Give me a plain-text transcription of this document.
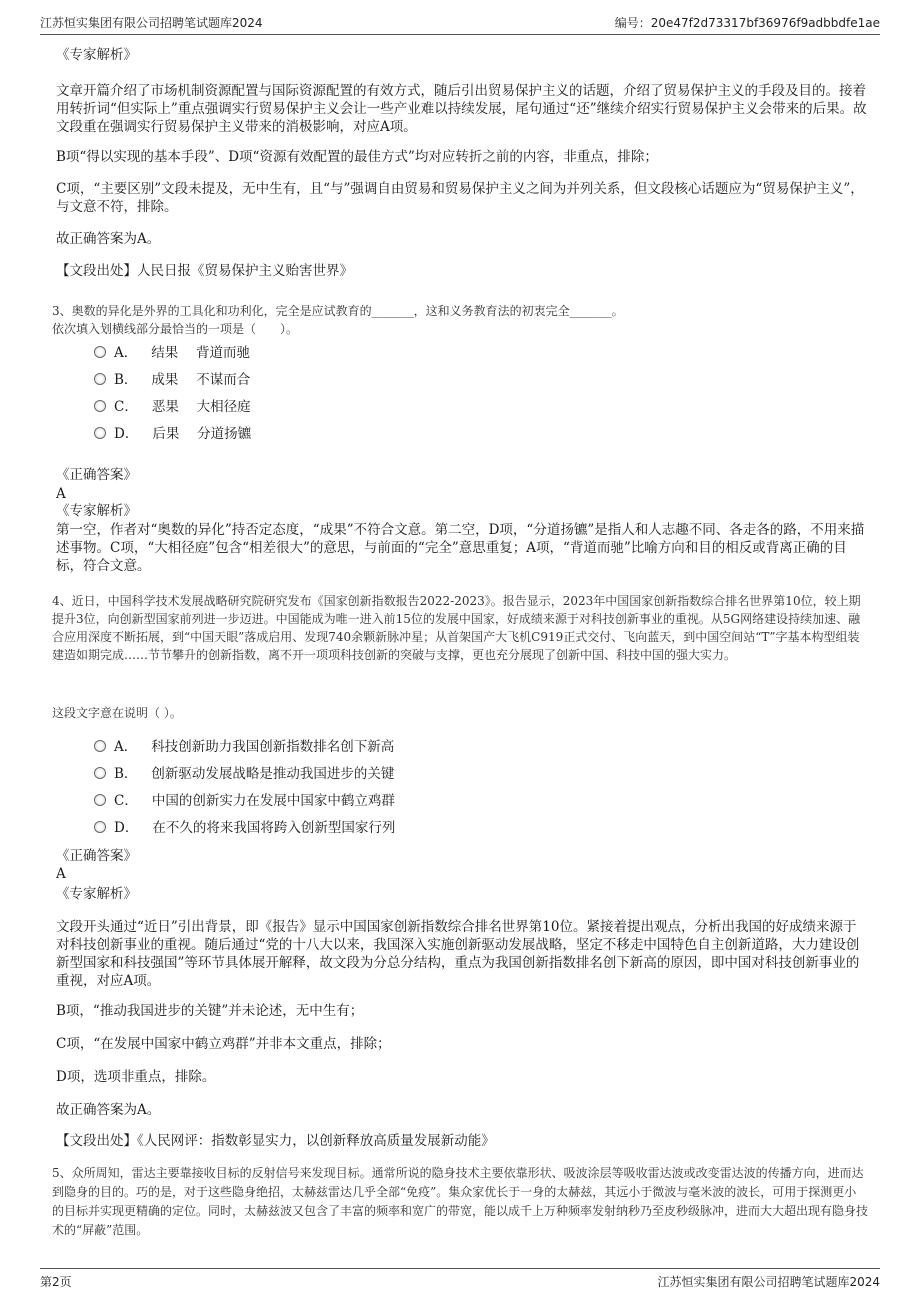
江苏恒实集团有限公司招聘笔试题库2024	编号：20e47f2d73317bf36976f9adbbdfe1ae
《专家解析》
文章开篇介绍了市场机制资源配置与国际资源配置的有效方式，随后引出贸易保护主义的话题，介绍了贸易保护主义的手段及目的。接着用转折词“但实际上”重点强调实行贸易保护主义会让一些产业难以持续发展，尾句通过“还”继续介绍实行贸易保护主义会带来的后果。故文段重在强调实行贸易保护主义带来的消极影响，对应A项。
B项“得以实现的基本手段”、D项“资源有效配置的最佳方式”均对应转折之前的内容，非重点，排除；
C项，“主要区别”文段未提及，无中生有，且“与”强调自由贸易和贸易保护主义之间为并列关系，但文段核心话题应为“贸易保护主义”，与文意不符，排除。
故正确答案为A。
【文段出处】人民日报《贸易保护主义贻害世界》
3、奥数的异化是外界的工具化和功利化，完全是应试教育的_______，这和义务教育法的初衷完全_______。
依次填入划横线部分最恰当的一项是（　　）。
A． 结果　 背道而驰
B． 成果　 不谋而合
C． 恶果　 大相径庭
D． 后果　 分道扬镳
《正确答案》
A
《专家解析》
第一空，作者对“奥数的异化”持否定态度，“成果”不符合文意。第二空，D项，“分道扬镳”是指人和人志趣不同、各走各的路，不用来描述事物。C项，“大相径庭”包含“相差很大”的意思，与前面的“完全”意思重复；A项，“背道而驰”比喻方向和目的相反或背离正确的目标，符合文意。
4、近日，中国科学技术发展战略研究院研究发布《国家创新指数报告2022-2023》。报告显示，2023年中国国家创新指数综合排名世界第10位，较上期提升3位，向创新型国家前列进一步迈进。中国能成为唯一进入前15位的发展中国家，好成绩来源于对科技创新事业的重视。从5G网络建设持续加速、融合应用深度不断拓展，到“中国天眼”落成启用、发现740余颗新脉冲星；从首架国产大飞机C919正式交付、飞向蓝天，到中国空间站“T”字基本构型组装建造如期完成……节节攀升的创新指数，离不开一项项科技创新的突破与支撑，更也充分展现了创新中国、科技中国的强大实力。
这段文字意在说明（ ）。
A． 科技创新助力我国创新指数排名创下新高
B． 创新驱动发展战略是推动我国进步的关键
C． 中国的创新实力在发展中国家中鹤立鸡群
D． 在不久的将来我国将跨入创新型国家行列
《正确答案》
A
《专家解析》
文段开头通过“近日”引出背景，即《报告》显示中国国家创新指数综合排名世界第10位。紧接着提出观点，分析出我国的好成绩来源于对科技创新事业的重视。随后通过“党的十八大以来，我国深入实施创新驱动发展战略，坚定不移走中国特色自主创新道路，大力建设创新型国家和科技强国”等环节具体展开解释，故文段为分总分结构，重点为我国创新指数排名创下新高的原因，即中国对科技创新事业的重视，对应A项。
B项，“推动我国进步的关键”并未论述，无中生有；
C项，“在发展中国家中鹤立鸡群”并非本文重点，排除；
D项，选项非重点，排除。
故正确答案为A。
【文段出处】《人民网评：指数彰显实力，以创新释放高质量发展新动能》
5、众所周知，雷达主要靠接收目标的反射信号来发现目标。通常所说的隐身技术主要依靠形状、吸波涂层等吸收雷达波或改变雷达波的传播方向，进而达到隐身的目的。巧的是，对于这些隐身绝招，太赫兹雷达几乎全部“免疫”。集众家优长于一身的太赫兹，其远小于微波与毫米波的波长，可用于探测更小的目标并实现更精确的定位。同时，太赫兹波又包含了丰富的频率和宽广的带宽，能以成千上万种频率发射纳秒乃至皮秒级脉冲，进而大大超出现有隐身技术的“屏蔽”范围。
第2页	江苏恒实集团有限公司招聘笔试题库2024
